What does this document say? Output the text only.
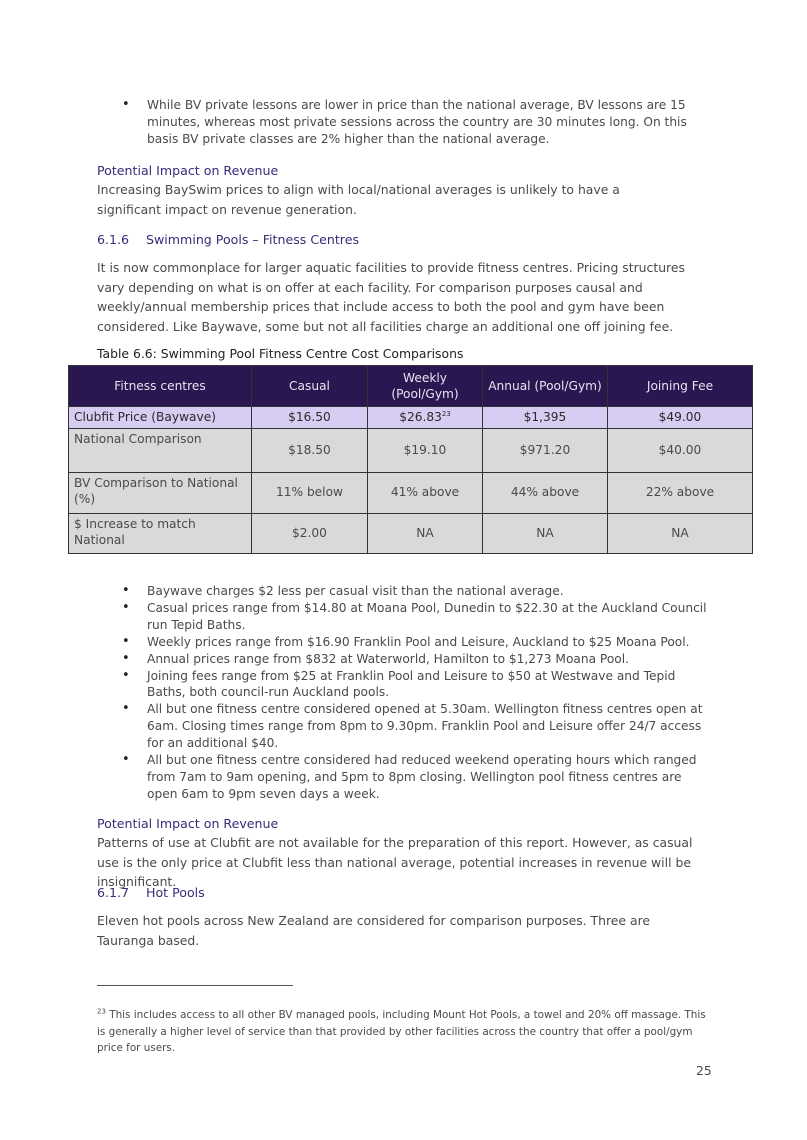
• While BV private lessons are lower in price than the national average, BV lessons are 15 minutes, whereas most private sessions across the country are 30 minutes long. On this basis BV private classes are 2% higher than the national average.
Potential Impact on Revenue
Increasing BaySwim prices to align with local/national averages is unlikely to have a significant impact on revenue generation.
6.1.6 Swimming Pools – Fitness Centres
It is now commonplace for larger aquatic facilities to provide fitness centres. Pricing structures vary depending on what is on offer at each facility. For comparison purposes causal and weekly/annual membership prices that include access to both the pool and gym have been considered. Like Baywave, some but not all facilities charge an additional one off joining fee.
Table 6.6: Swimming Pool Fitness Centre Cost Comparisons
Fitness centres	Casual	Weekly (Pool/Gym)	Annual (Pool/Gym)	Joining Fee
Clubfit Price (Baywave)	$16.50	$26.83$^{23}$	$1,395	$49.00
National Comparison	$18.50	$19.10	$971.20	$40.00
BV Comparison to National (%)	11% below	41% above	44% above	22% above
$ Increase to match National	$2.00	NA	NA	NA
• Baywave charges $2 less per casual visit than the national average.
• Casual prices range from $14.80 at Moana Pool, Dunedin to $22.30 at the Auckland Council run Tepid Baths.
• Weekly prices range from $16.90 Franklin Pool and Leisure, Auckland to $25 Moana Pool.
• Annual prices range from $832 at Waterworld, Hamilton to $1,273 Moana Pool.
• Joining fees range from $25 at Franklin Pool and Leisure to $50 at Westwave and Tepid Baths, both council-run Auckland pools.
• All but one fitness centre considered opened at 5.30am. Wellington fitness centres open at 6am. Closing times range from 8pm to 9.30pm. Franklin Pool and Leisure offer 24/7 access for an additional $40.
• All but one fitness centre considered had reduced weekend operating hours which ranged from 7am to 9am opening, and 5pm to 8pm closing. Wellington pool fitness centres are open 6am to 9pm seven days a week.
Potential Impact on Revenue
Patterns of use at Clubfit are not available for the preparation of this report. However, as casual use is the only price at Clubfit less than national average, potential increases in revenue will be insignificant.
6.1.7 Hot Pools
Eleven hot pools across New Zealand are considered for comparison purposes. Three are Tauranga based.
$^{23}$ This includes access to all other BV managed pools, including Mount Hot Pools, a towel and 20% off massage. This is generally a higher level of service than that provided by other facilities across the country that offer a pool/gym price for users.
25
